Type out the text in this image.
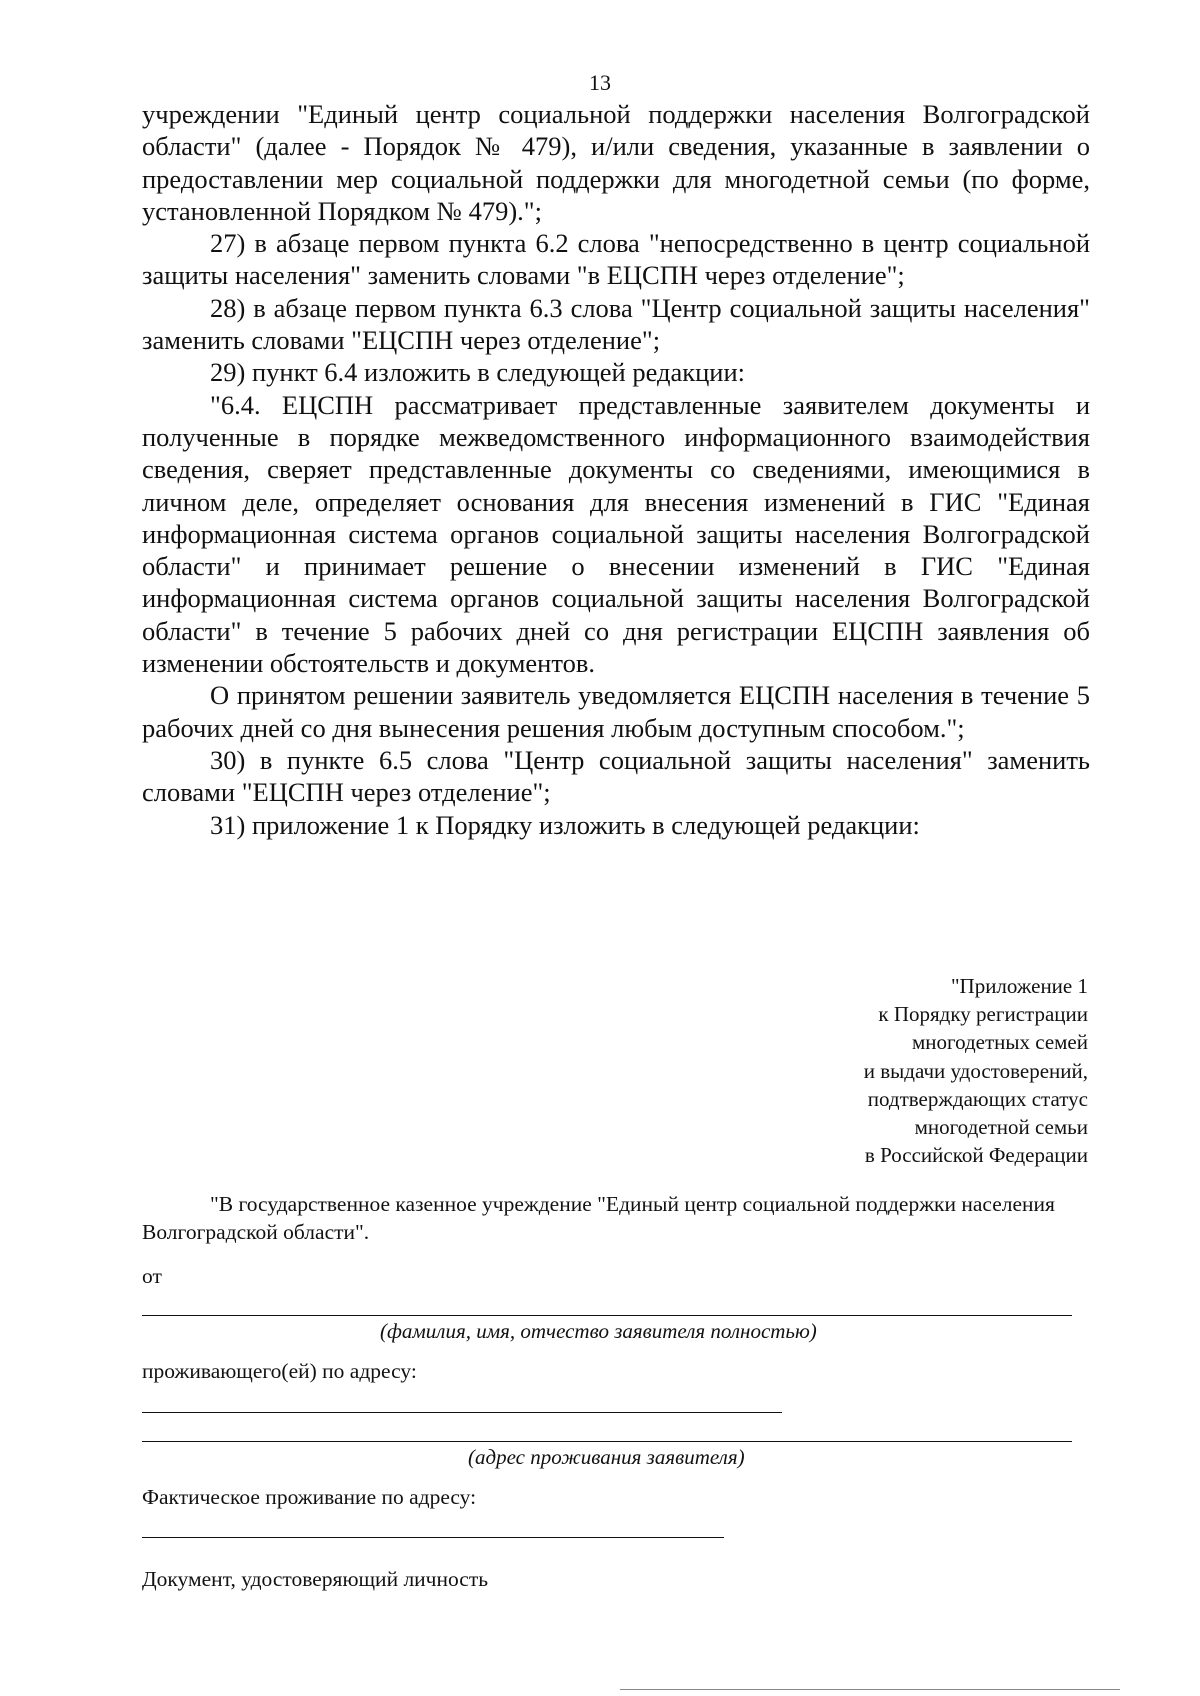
13

учреждении "Единый центр социальной поддержки населения Волгоградской области" (далее - Порядок № 479), и/или сведения, указанные в заявлении о предоставлении мер социальной поддержки для многодетной семьи (по форме, установленной Порядком № 479).";

27) в абзаце первом пункта 6.2 слова "непосредственно в центр социальной защиты населения" заменить словами "в ЕЦСПН через отделение";

28) в абзаце первом пункта 6.3 слова "Центр социальной защиты населения" заменить словами "ЕЦСПН через отделение";

29) пункт 6.4 изложить в следующей редакции:

"6.4. ЕЦСПН рассматривает представленные заявителем документы и полученные в порядке межведомственного информационного взаимодействия сведения, сверяет представленные документы со сведениями, имеющимися в личном деле, определяет основания для внесения изменений в ГИС "Единая информационная система органов социальной защиты населения Волгоградской области" и принимает решение о внесении изменений в ГИС "Единая информационная система органов социальной защиты населения Волгоградской области" в течение 5 рабочих дней со дня регистрации ЕЦСПН заявления об изменении обстоятельств и документов.

О принятом решении заявитель уведомляется ЕЦСПН населения в течение 5 рабочих дней со дня вынесения решения любым доступным способом.";

30) в пункте 6.5 слова "Центр социальной защиты населения" заменить словами "ЕЦСПН через отделение";

31) приложение 1 к Порядку изложить в следующей редакции:

"Приложение 1
к Порядку регистрации
многодетных семей
и выдачи удостоверений,
подтверждающих статус
многодетной семьи
в Российской Федерации

"В государственное казенное учреждение "Единый центр социальной поддержки населения Волгоградской области".

от
(фамилия, имя, отчество заявителя полностью)
проживающего(ей) по адресу:
(адрес проживания заявителя)
Фактическое проживание по адресу:
Документ, удостоверяющий личность
